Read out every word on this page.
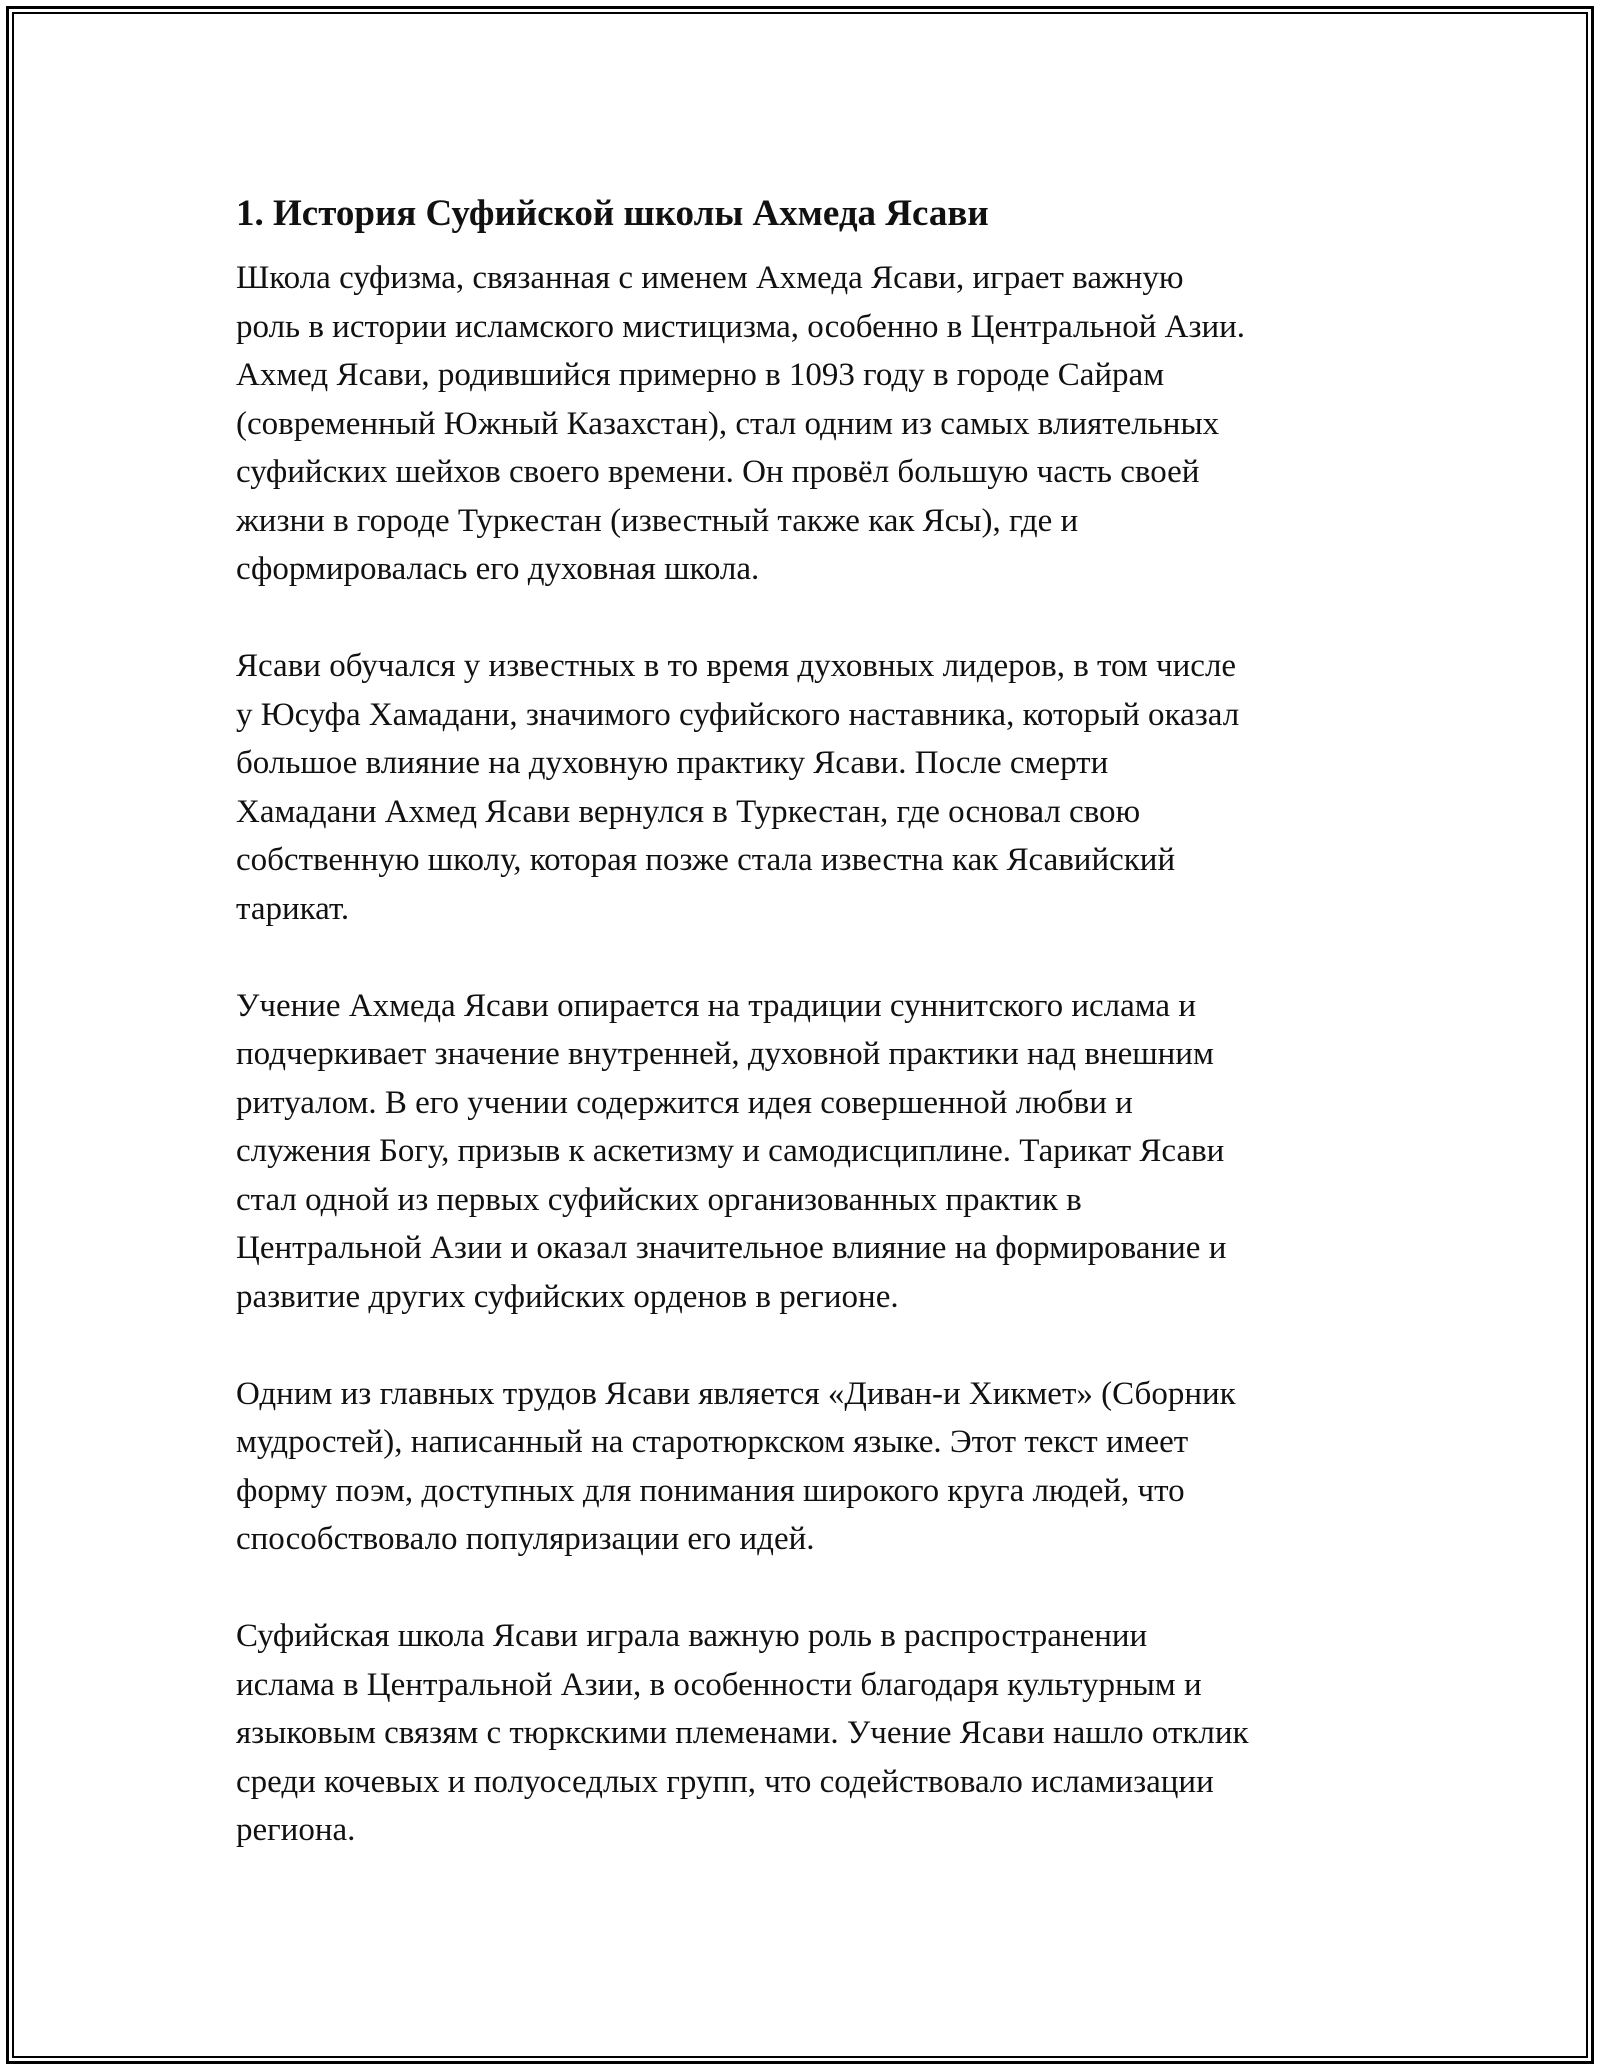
1. История Суфийской школы Ахмеда Ясави

Школа суфизма, связанная с именем Ахмеда Ясави, играет важную
роль в истории исламского мистицизма, особенно в Центральной Азии.
Ахмед Ясави, родившийся примерно в 1093 году в городе Сайрам
(современный Южный Казахстан), стал одним из самых влиятельных
суфийских шейхов своего времени. Он провёл большую часть своей
жизни в городе Туркестан (известный также как Ясы), где и
сформировалась его духовная школа.

Ясави обучался у известных в то время духовных лидеров, в том числе
у Юсуфа Хамадани, значимого суфийского наставника, который оказал
большое влияние на духовную практику Ясави. После смерти
Хамадани Ахмед Ясави вернулся в Туркестан, где основал свою
собственную школу, которая позже стала известна как Ясавийский
тарикат.

Учение Ахмеда Ясави опирается на традиции суннитского ислама и
подчеркивает значение внутренней, духовной практики над внешним
ритуалом. В его учении содержится идея совершенной любви и
служения Богу, призыв к аскетизму и самодисциплине. Тарикат Ясави
стал одной из первых суфийских организованных практик в
Центральной Азии и оказал значительное влияние на формирование и
развитие других суфийских орденов в регионе.

Одним из главных трудов Ясави является «Диван-и Хикмет» (Сборник
мудростей), написанный на старотюркском языке. Этот текст имеет
форму поэм, доступных для понимания широкого круга людей, что
способствовало популяризации его идей.

Суфийская школа Ясави играла важную роль в распространении
ислама в Центральной Азии, в особенности благодаря культурным и
языковым связям с тюркскими племенами. Учение Ясави нашло отклик
среди кочевых и полуоседлых групп, что содействовало исламизации
региона.
